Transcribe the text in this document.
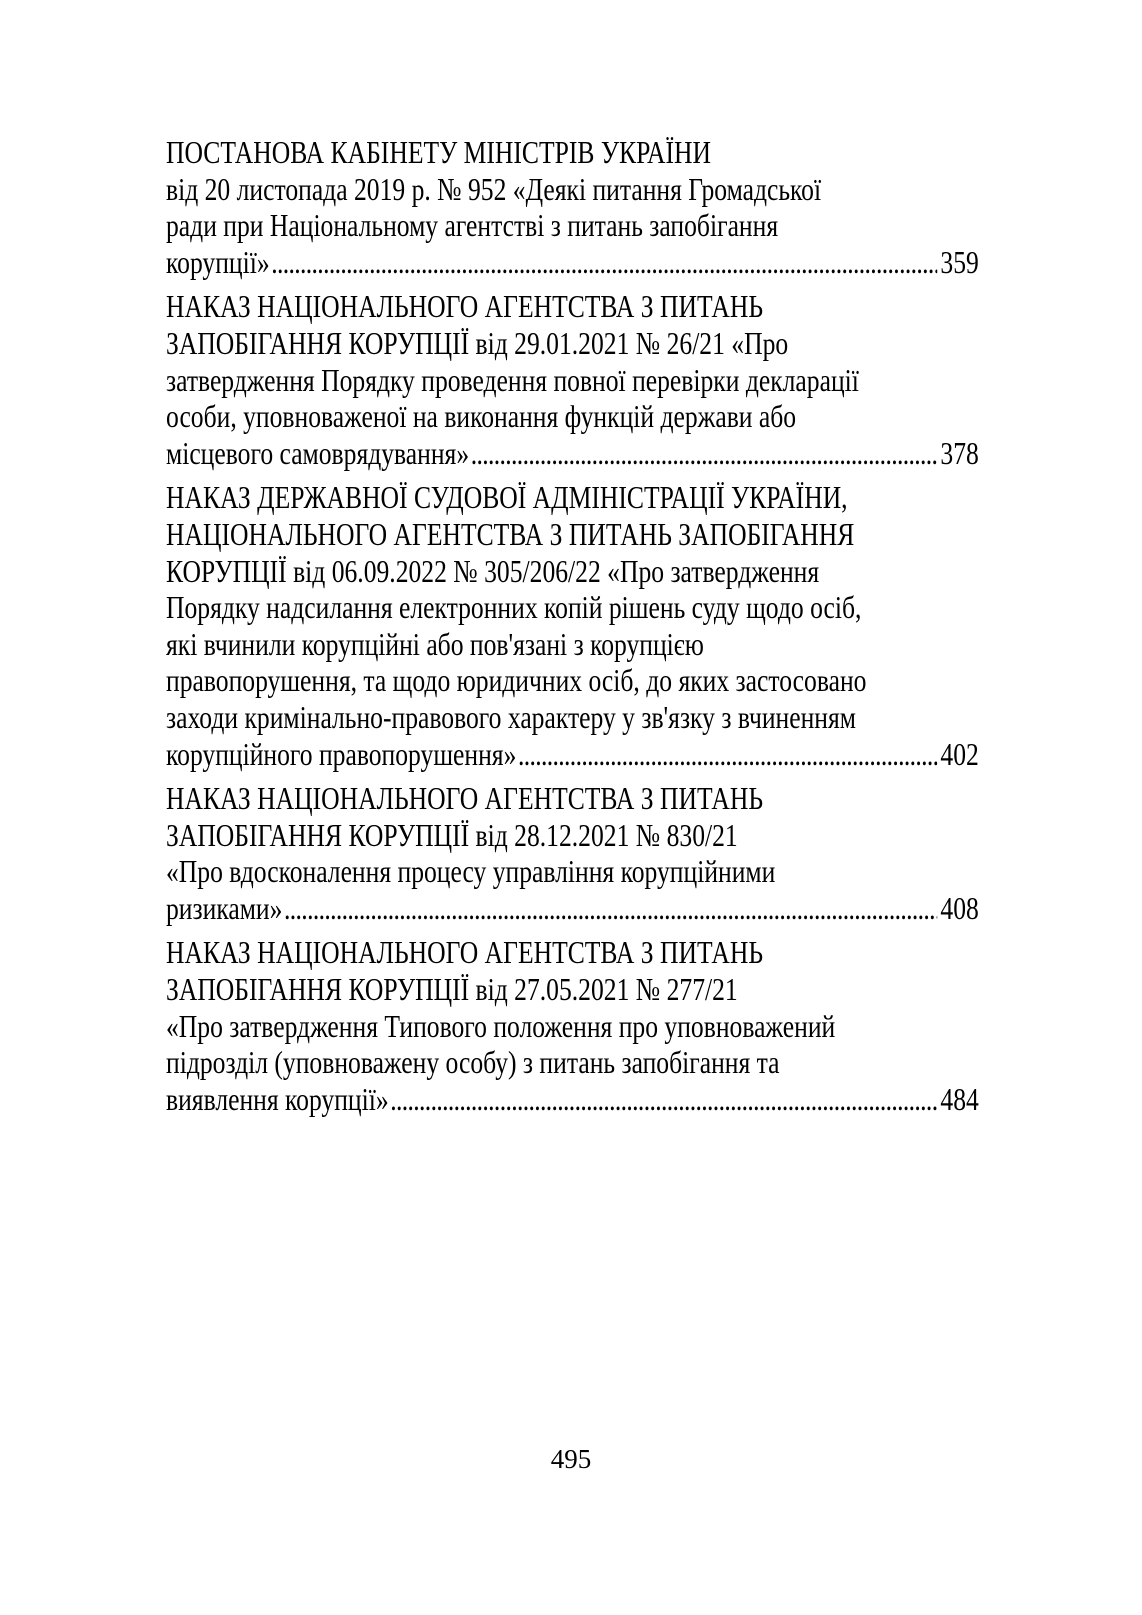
ПОСТАНОВА КАБІНЕТУ МІНІСТРІВ УКРАЇНИ
від 20 листопада 2019 р. № 952 «Деякі питання Громадської
ради при Національному агентстві з питань запобігання
корупції» . . .	359
НАКАЗ НАЦІОНАЛЬНОГО АГЕНТСТВА З ПИТАНЬ
ЗАПОБІГАННЯ КОРУПЦІЇ від 29.01.2021 № 26/21 «Про
затвердження Порядку проведення повної перевірки декларації
особи, уповноваженої на виконання функцій держави або
місцевого самоврядування» . . .	378
НАКАЗ ДЕРЖАВНОЇ СУДОВОЇ АДМІНІСТРАЦІЇ УКРАЇНИ,
НАЦІОНАЛЬНОГО АГЕНТСТВА З ПИТАНЬ ЗАПОБІГАННЯ
КОРУПЦІЇ від 06.09.2022 № 305/206/22 «Про затвердження
Порядку надсилання електронних копій рішень суду щодо осіб,
які вчинили корупційні або пов'язані з корупцією
правопорушення, та щодо юридичних осіб, до яких застосовано
заходи кримінально-правового характеру у зв'язку з вчиненням
корупційного правопорушення» . . .	402
НАКАЗ НАЦІОНАЛЬНОГО АГЕНТСТВА З ПИТАНЬ
ЗАПОБІГАННЯ КОРУПЦІЇ від 28.12.2021 № 830/21
«Про вдосконалення процесу управління корупційними
ризиками» . . .	408
НАКАЗ НАЦІОНАЛЬНОГО АГЕНТСТВА З ПИТАНЬ
ЗАПОБІГАННЯ КОРУПЦІЇ від 27.05.2021 № 277/21
«Про затвердження Типового положення про уповноважений
підрозділ (уповноважену особу) з питань запобігання та
виявлення корупції» . . .	484
495
